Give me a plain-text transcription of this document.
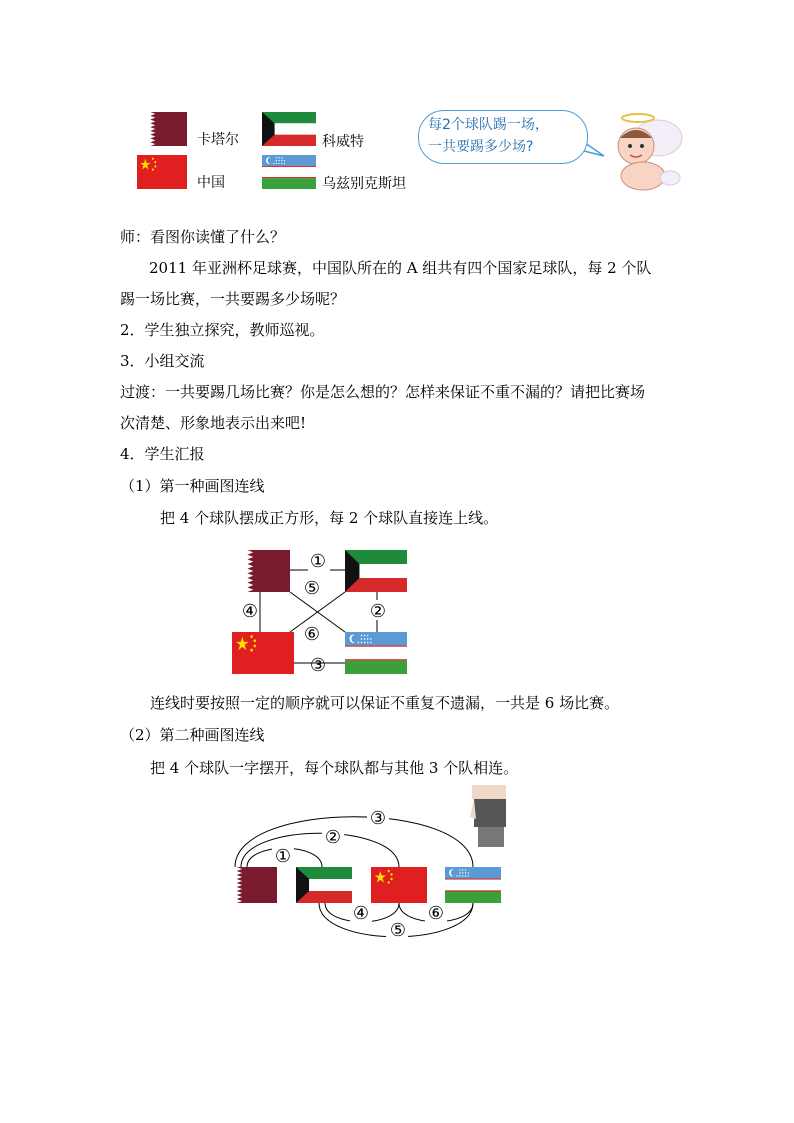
卡塔尔	科威特
中国	乌兹别克斯坦
每2个球队踢一场，
一共要踢多少场?
师：看图你读懂了什么？
2011 年亚洲杯足球赛，中国队所在的 A 组共有四个国家足球队，每 2 个队
踢一场比赛，一共要踢多少场呢？
2．学生独立探究，教师巡视。
3．小组交流
过渡：一共要踢几场比赛？你是怎么想的？怎样来保证不重不漏的？请把比赛场
次清楚、形象地表示出来吧!
4．学生汇报
（1）第一种画图连线
把 4 个球队摆成正方形，每 2 个球队直接连上线。
①
②
③
④
⑤
⑥
连线时要按照一定的顺序就可以保证不重复不遗漏，一共是 6 场比赛。
（2）第二种画图连线
把 4 个球队一字摆开，每个球队都与其他 3 个队相连。
①
②
③
④
⑤
⑥
